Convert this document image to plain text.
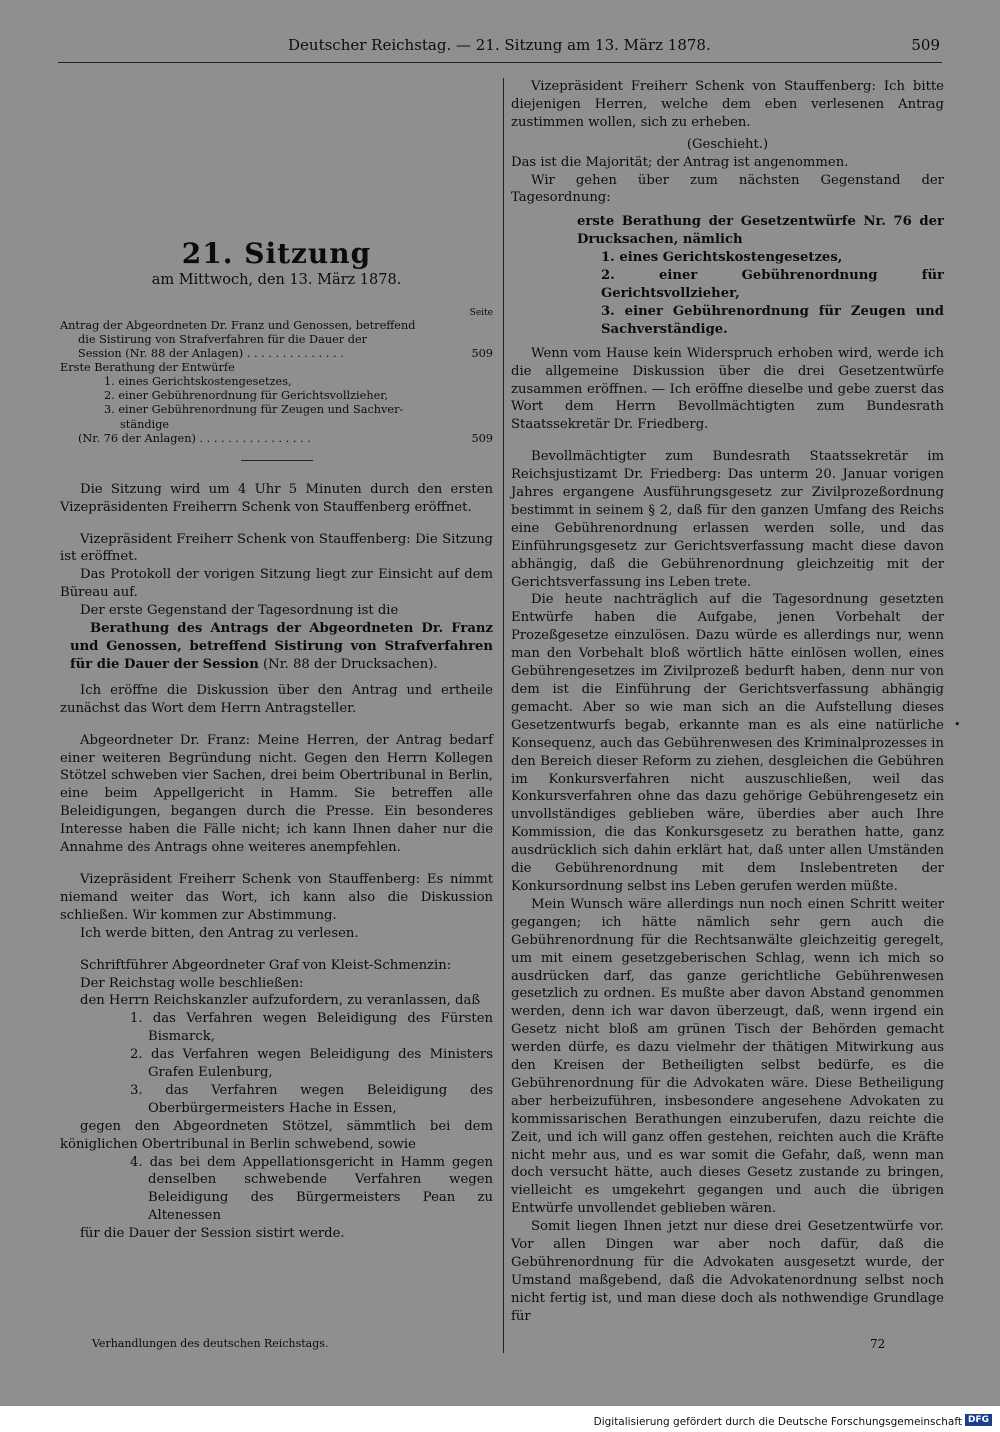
Deutscher Reichstag. — 21. Sitzung am 13. März 1878.	509
21. Sitzung
am Mittwoch, den 13. März 1878.
Seite
Antrag der Abgeordneten Dr. Franz und Genossen, betreffend
die Sistirung von Strafverfahren für die Dauer der
Session (Nr. 88 der Anlagen) . . . . . . . . . . . . . .	509
Erste Berathung der Entwürfe
1. eines Gerichtskostengesetzes,
2. einer Gebührenordnung für Gerichtsvollzieher,
3. einer Gebührenordnung für Zeugen und Sachver-
ständige
(Nr. 76 der Anlagen) . . . . . . . . . . . . . . . .	509

Die Sitzung wird um 4 Uhr 5 Minuten durch den ersten Vizepräsidenten Freiherrn Schenk von Stauffenberg eröffnet.

Vizepräsident Freiherr Schenk von Stauffenberg: Die Sitzung ist eröffnet.

Das Protokoll der vorigen Sitzung liegt zur Einsicht auf dem Büreau auf.

Der erste Gegenstand der Tagesordnung ist die

Berathung des Antrags der Abgeordneten Dr. Franz und Genossen, betreffend Sistirung von Strafverfahren für die Dauer der Session (Nr. 88 der Drucksachen).

Ich eröffne die Diskussion über den Antrag und ertheile zunächst das Wort dem Herrn Antragsteller.

Abgeordneter Dr. Franz: Meine Herren, der Antrag bedarf einer weiteren Begründung nicht. Gegen den Herrn Kollegen Stötzel schweben vier Sachen, drei beim Obertribunal in Berlin, eine beim Appellgericht in Hamm. Sie betreffen alle Beleidigungen, begangen durch die Presse. Ein besonderes Interesse haben die Fälle nicht; ich kann Ihnen daher nur die Annahme des Antrags ohne weiteres anempfehlen.

Vizepräsident Freiherr Schenk von Stauffenberg: Es nimmt niemand weiter das Wort, ich kann also die Diskussion schließen. Wir kommen zur Abstimmung.

Ich werde bitten, den Antrag zu verlesen.

Schriftführer Abgeordneter Graf von Kleist-Schmenzin:

Der Reichstag wolle beschließen:

den Herrn Reichskanzler aufzufordern, zu veranlassen, daß

1. das Verfahren wegen Beleidigung des Fürsten Bismarck,

2. das Verfahren wegen Beleidigung des Ministers Grafen Eulenburg,

3. das Verfahren wegen Beleidigung des Oberbürgermeisters Hache in Essen,

gegen den Abgeordneten Stötzel, sämmtlich bei dem königlichen Obertribunal in Berlin schwebend, sowie

4. das bei dem Appellationsgericht in Hamm gegen denselben schwebende Verfahren wegen Beleidigung des Bürgermeisters Pean zu Altenessen

für die Dauer der Session sistirt werde.

Vizepräsident Freiherr Schenk von Stauffenberg: Ich bitte diejenigen Herren, welche dem eben verlesenen Antrag zustimmen wollen, sich zu erheben.

(Geschieht.)

Das ist die Majorität; der Antrag ist angenommen.

Wir gehen über zum nächsten Gegenstand der Tagesordnung:

erste Berathung der Gesetzentwürfe Nr. 76 der Drucksachen, nämlich

1. eines Gerichtskostengesetzes,

2. einer Gebührenordnung für Gerichtsvollzieher,

3. einer Gebührenordnung für Zeugen und Sachverständige.

Wenn vom Hause kein Widerspruch erhoben wird, werde ich die allgemeine Diskussion über die drei Gesetzentwürfe zusammen eröffnen. — Ich eröffne dieselbe und gebe zuerst das Wort dem Herrn Bevollmächtigten zum Bundesrath Staatssekretär Dr. Friedberg.

Bevollmächtigter zum Bundesrath Staatssekretär im Reichsjustizamt Dr. Friedberg: Das unterm 20. Januar vorigen Jahres ergangene Ausführungsgesetz zur Zivilprozeßordnung bestimmt in seinem § 2, daß für den ganzen Umfang des Reichs eine Gebührenordnung erlassen werden solle, und das Einführungsgesetz zur Gerichtsverfassung macht diese davon abhängig, daß die Gebührenordnung gleichzeitig mit der Gerichtsverfassung ins Leben trete.

Die heute nachträglich auf die Tagesordnung gesetzten Entwürfe haben die Aufgabe, jenen Vorbehalt der Prozeßgesetze einzulösen. Dazu würde es allerdings nur, wenn man den Vorbehalt bloß wörtlich hätte einlösen wollen, eines Gebührengesetzes im Zivilprozeß bedurft haben, denn nur von dem ist die Einführung der Gerichtsverfassung abhängig gemacht. Aber so wie man sich an die Aufstellung dieses Gesetzentwurfs begab, erkannte man es als eine natürliche Konsequenz, auch das Gebührenwesen des Kriminalprozesses in den Bereich dieser Reform zu ziehen, desgleichen die Gebühren im Konkursverfahren nicht auszuschließen, weil das Konkursverfahren ohne das dazu gehörige Gebührengesetz ein unvollständiges geblieben wäre, überdies aber auch Ihre Kommission, die das Konkursgesetz zu berathen hatte, ganz ausdrücklich sich dahin erklärt hat, daß unter allen Umständen die Gebührenordnung mit dem Inslebentreten der Konkursordnung selbst ins Leben gerufen werden müßte.

Mein Wunsch wäre allerdings nun noch einen Schritt weiter gegangen; ich hätte nämlich sehr gern auch die Gebührenordnung für die Rechtsanwälte gleichzeitig geregelt, um mit einem gesetzgeberischen Schlag, wenn ich mich so ausdrücken darf, das ganze gerichtliche Gebührenwesen gesetzlich zu ordnen. Es mußte aber davon Abstand genommen werden, denn ich war davon überzeugt, daß, wenn irgend ein Gesetz nicht bloß am grünen Tisch der Behörden gemacht werden dürfe, es dazu vielmehr der thätigen Mitwirkung aus den Kreisen der Betheiligten selbst bedürfe, es die Gebührenordnung für die Advokaten wäre. Diese Betheiligung aber herbeizuführen, insbesondere angesehene Advokaten zu kommissarischen Berathungen einzuberufen, dazu reichte die Zeit, und ich will ganz offen gestehen, reichten auch die Kräfte nicht mehr aus, und es war somit die Gefahr, daß, wenn man doch versucht hätte, auch dieses Gesetz zustande zu bringen, vielleicht es umgekehrt gegangen und auch die übrigen Entwürfe unvollendet geblieben wären.

Somit liegen Ihnen jetzt nur diese drei Gesetzentwürfe vor. Vor allen Dingen war aber noch dafür, daß die Gebührenordnung für die Advokaten ausgesetzt wurde, der Umstand maßgebend, daß die Advokatenordnung selbst noch nicht fertig ist, und man diese doch als nothwendige Grundlage für

Verhandlungen des deutschen Reichstags.	72
•
Digitalisierung gefördert durch die Deutsche Forschungsgemeinschaft DFG
